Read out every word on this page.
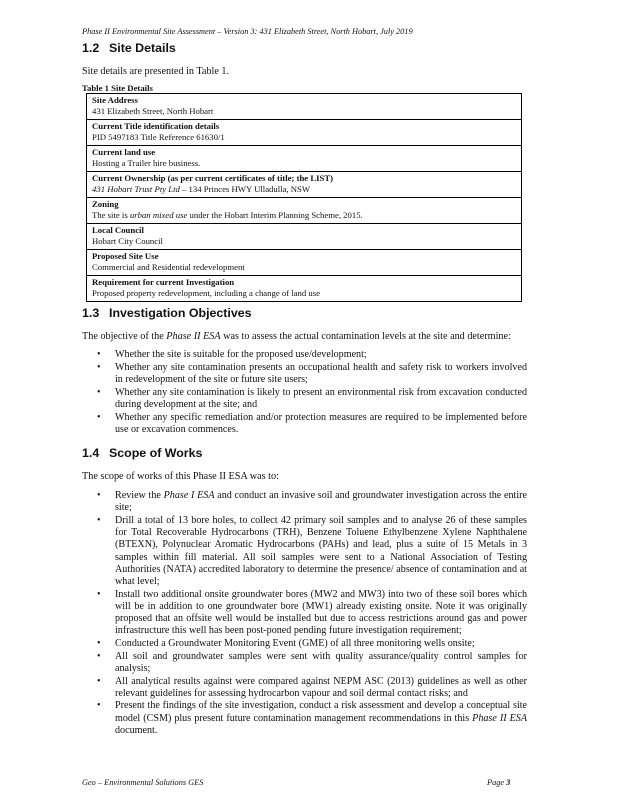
Phase II Environmental Site Assessment – Version 3: 431 Elizabeth Street, North Hobart, July 2019
1.2 Site Details
Site details are presented in Table 1.
Table 1 Site Details
Site Address
431 Elizabeth Street, North Hobart
Current Title identification details
PID 5497183 Title Reference 61630/1
Current land use
Hosting a Trailer hire business.
Current Ownership (as per current certificates of title; the LIST)
431 Hobart Trust Pty Ltd – 134 Princes HWY Ulladulla, NSW
Zoning
The site is urban mixed use under the Hobart Interim Planning Scheme, 2015.
Local Council
Hobart City Council
Proposed Site Use
Commercial and Residential redevelopment
Requirement for current Investigation
Proposed property redevelopment, including a change of land use
1.3 Investigation Objectives
The objective of the Phase II ESA was to assess the actual contamination levels at the site and determine:
• Whether the site is suitable for the proposed use/development;
• Whether any site contamination presents an occupational health and safety risk to workers involved in redevelopment of the site or future site users;
• Whether any site contamination is likely to present an environmental risk from excavation conducted during development at the site; and
• Whether any specific remediation and/or protection measures are required to be implemented before use or excavation commences.
1.4 Scope of Works
The scope of works of this Phase II ESA was to:
• Review the Phase I ESA and conduct an invasive soil and groundwater investigation across the entire site;
• Drill a total of 13 bore holes, to collect 42 primary soil samples and to analyse 26 of these samples for Total Recoverable Hydrocarbons (TRH), Benzene Toluene Ethylbenzene Xylene Naphthalene (BTEXN), Polynuclear Aromatic Hydrocarbons (PAHs) and lead, plus a suite of 15 Metals in 3 samples within fill material. All soil samples were sent to a National Association of Testing Authorities (NATA) accredited laboratory to determine the presence/ absence of contamination and at what level;
• Install two additional onsite groundwater bores (MW2 and MW3) into two of these soil bores which will be in addition to one groundwater bore (MW1) already existing onsite. Note it was originally proposed that an offsite well would be installed but due to access restrictions around gas and power infrastructure this well has been post-poned pending future investigation requirement;
• Conducted a Groundwater Monitoring Event (GME) of all three monitoring wells onsite;
• All soil and groundwater samples were sent with quality assurance/quality control samples for analysis;
• All analytical results against were compared against NEPM ASC (2013) guidelines as well as other relevant guidelines for assessing hydrocarbon vapour and soil dermal contact risks; and
• Present the findings of the site investigation, conduct a risk assessment and develop a conceptual site model (CSM) plus present future contamination management recommendations in this Phase II ESA document.
Geo – Environmental Solutions GES	Page 3
